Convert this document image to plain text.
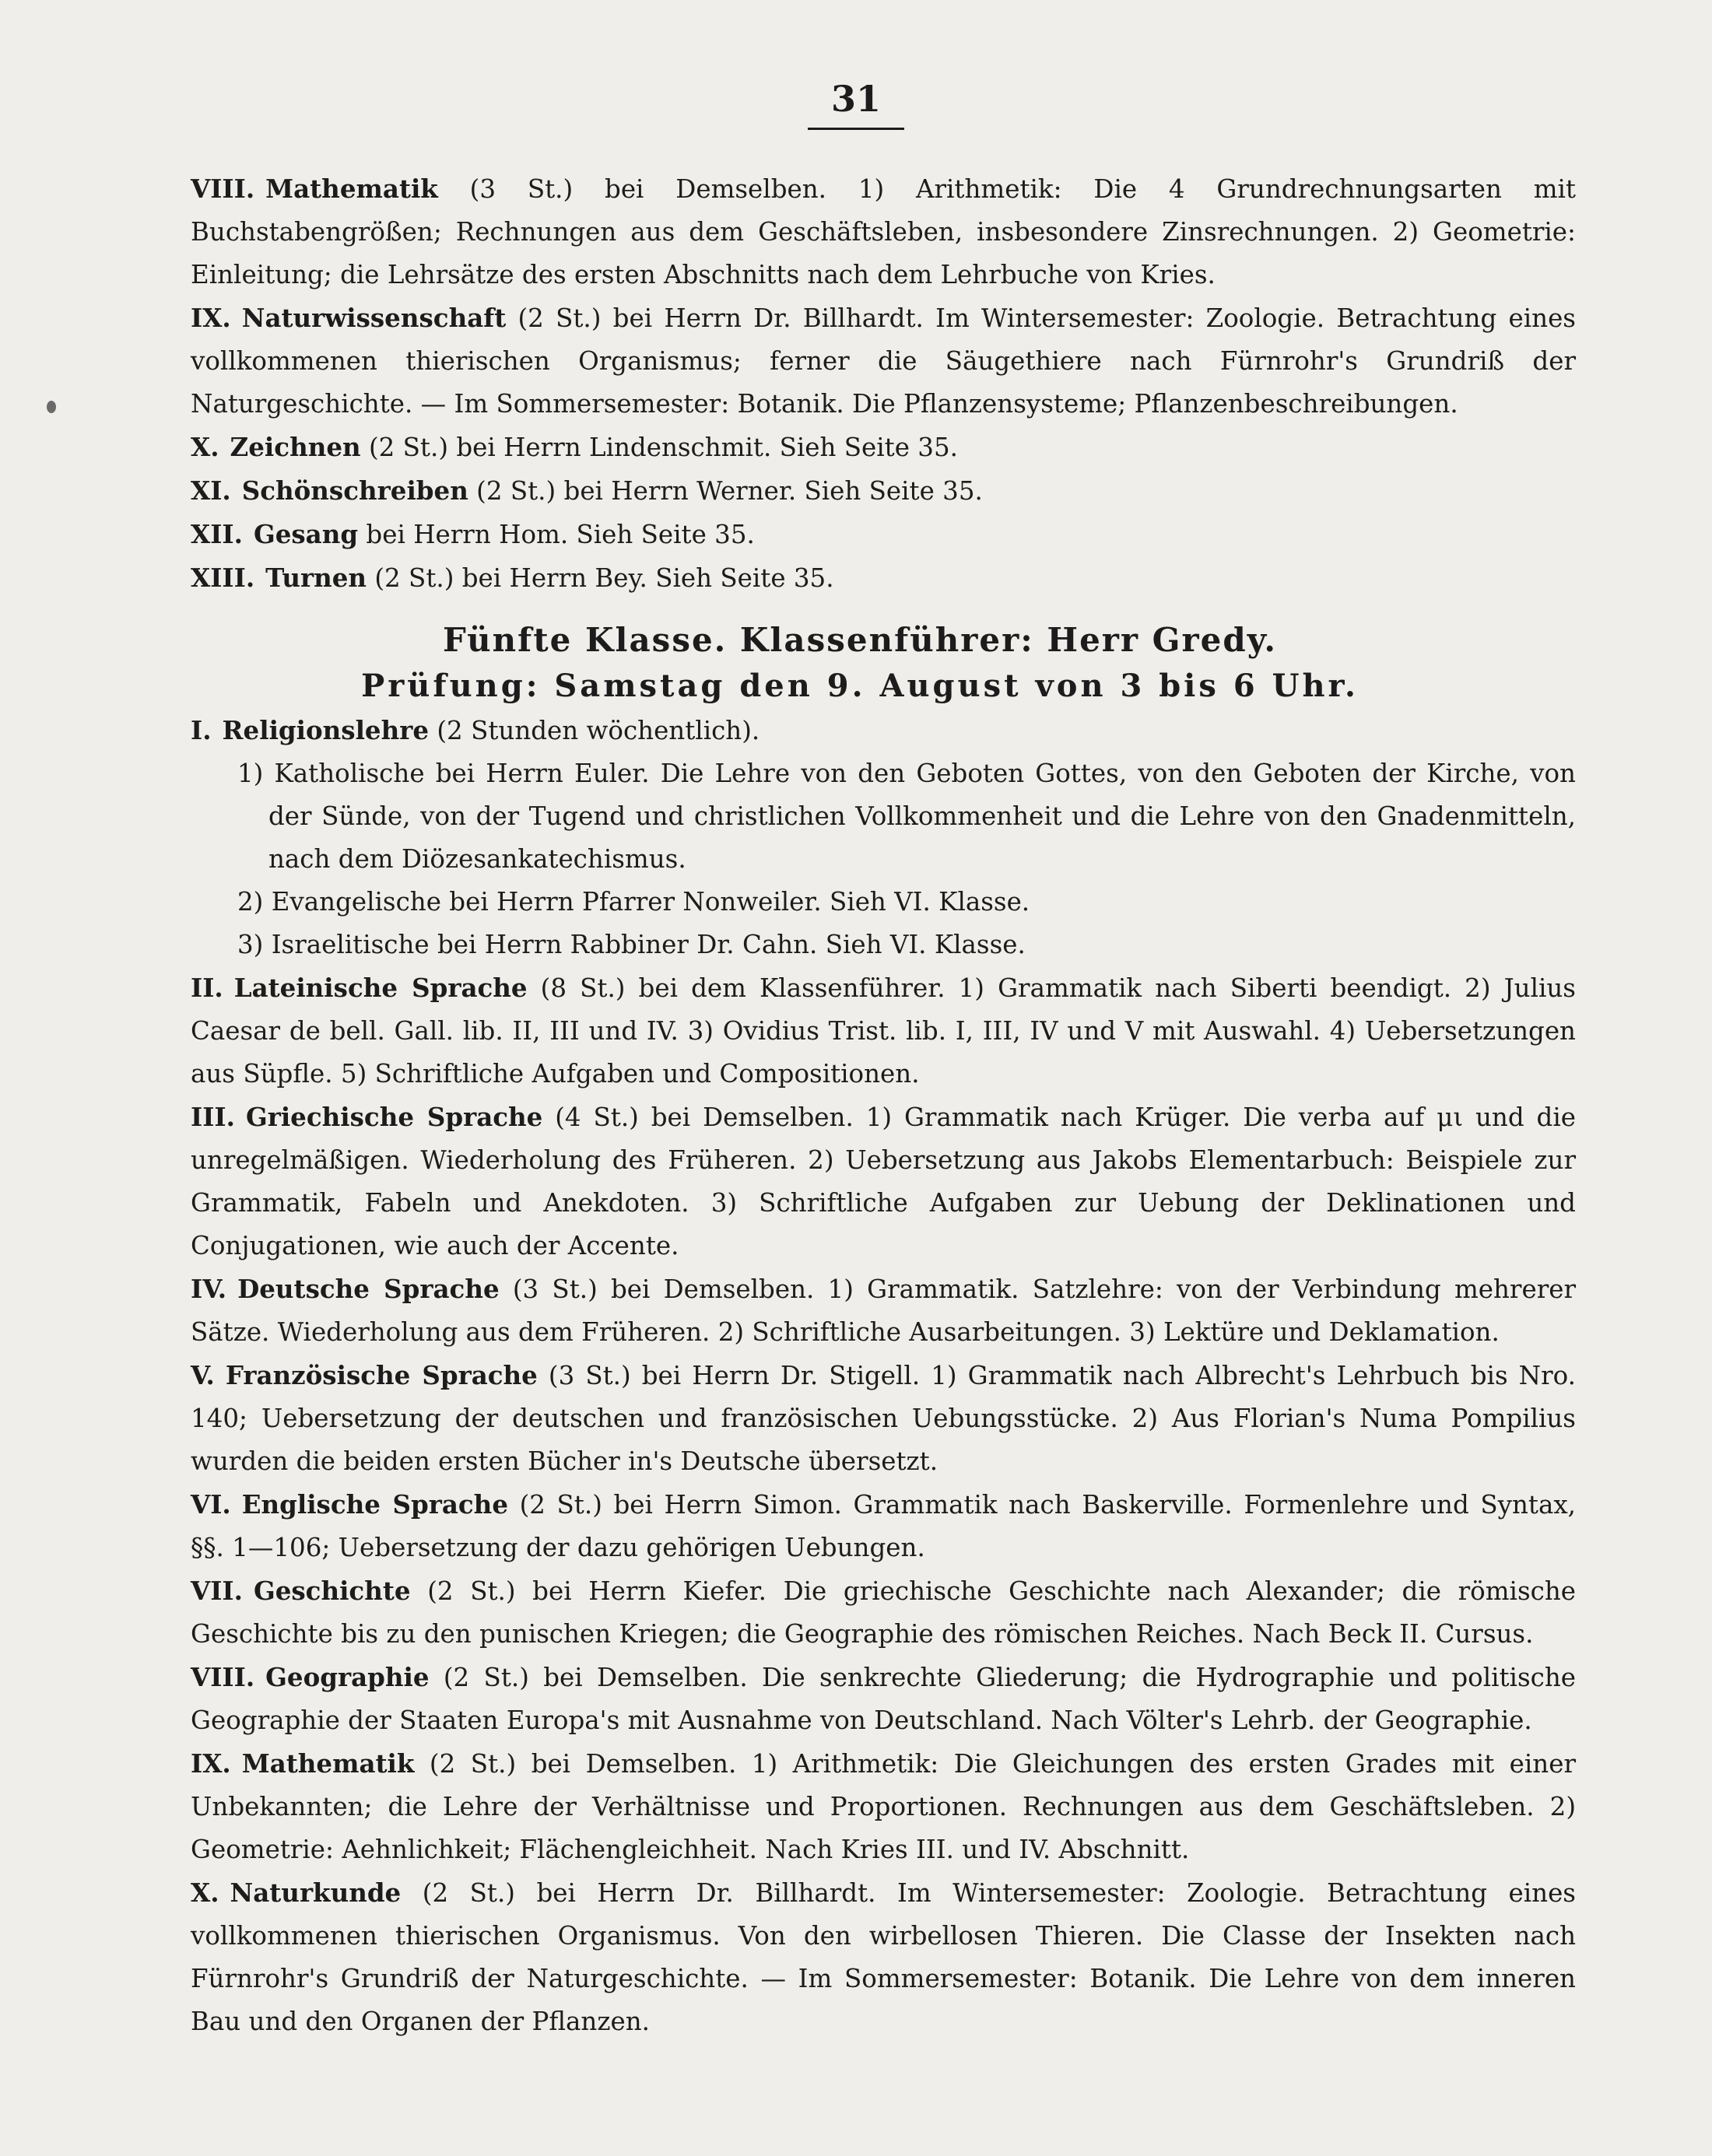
31
VIII. Mathematik (3 St.) bei Demselben. 1) Arithmetik: Die 4 Grundrechnungsarten mit Buchstabengrößen; Rechnungen aus dem Geschäftsleben, insbesondere Zinsrechnungen. 2) Geometrie: Einleitung; die Lehrsätze des ersten Abschnitts nach dem Lehrbuche von Kries.
IX. Naturwissenschaft (2 St.) bei Herrn Dr. Billhardt. Im Wintersemester: Zoologie. Betrachtung eines vollkommenen thierischen Organismus; ferner die Säugethiere nach Fürnrohr's Grundriß der Naturgeschichte. — Im Sommersemester: Botanik. Die Pflanzensysteme; Pflanzenbeschreibungen.
X. Zeichnen (2 St.) bei Herrn Lindenschmit. Sieh Seite 35.
XI. Schönschreiben (2 St.) bei Herrn Werner. Sieh Seite 35.
XII. Gesang bei Herrn Hom. Sieh Seite 35.
XIII. Turnen (2 St.) bei Herrn Bey. Sieh Seite 35.
Fünfte Klasse. Klassenführer: Herr Gredy.
Prüfung: Samstag den 9. August von 3 bis 6 Uhr.
I. Religionslehre (2 Stunden wöchentlich).
1) Katholische bei Herrn Euler. Die Lehre von den Geboten Gottes, von den Geboten der Kirche, von der Sünde, von der Tugend und christlichen Vollkommenheit und die Lehre von den Gnadenmitteln, nach dem Diözesankatechismus.
2) Evangelische bei Herrn Pfarrer Nonweiler. Sieh VI. Klasse.
3) Israelitische bei Herrn Rabbiner Dr. Cahn. Sieh VI. Klasse.
II. Lateinische Sprache (8 St.) bei dem Klassenführer. 1) Grammatik nach Siberti beendigt. 2) Julius Caesar de bell. Gall. lib. II, III und IV. 3) Ovidius Trist. lib. I, III, IV und V mit Auswahl. 4) Uebersetzungen aus Süpfle. 5) Schriftliche Aufgaben und Compositionen.
III. Griechische Sprache (4 St.) bei Demselben. 1) Grammatik nach Krüger. Die verba auf μι und die unregelmäßigen. Wiederholung des Früheren. 2) Uebersetzung aus Jakobs Elementarbuch: Beispiele zur Grammatik, Fabeln und Anekdoten. 3) Schriftliche Aufgaben zur Uebung der Deklinationen und Conjugationen, wie auch der Accente.
IV. Deutsche Sprache (3 St.) bei Demselben. 1) Grammatik. Satzlehre: von der Verbindung mehrerer Sätze. Wiederholung aus dem Früheren. 2) Schriftliche Ausarbeitungen. 3) Lektüre und Deklamation.
V. Französische Sprache (3 St.) bei Herrn Dr. Stigell. 1) Grammatik nach Albrecht's Lehrbuch bis Nro. 140; Uebersetzung der deutschen und französischen Uebungsstücke. 2) Aus Florian's Numa Pompilius wurden die beiden ersten Bücher in's Deutsche übersetzt.
VI. Englische Sprache (2 St.) bei Herrn Simon. Grammatik nach Baskerville. Formenlehre und Syntax, §§. 1—106; Uebersetzung der dazu gehörigen Uebungen.
VII. Geschichte (2 St.) bei Herrn Kiefer. Die griechische Geschichte nach Alexander; die römische Geschichte bis zu den punischen Kriegen; die Geographie des römischen Reiches. Nach Beck II. Cursus.
VIII. Geographie (2 St.) bei Demselben. Die senkrechte Gliederung; die Hydrographie und politische Geographie der Staaten Europa's mit Ausnahme von Deutschland. Nach Völter's Lehrb. der Geographie.
IX. Mathematik (2 St.) bei Demselben. 1) Arithmetik: Die Gleichungen des ersten Grades mit einer Unbekannten; die Lehre der Verhältnisse und Proportionen. Rechnungen aus dem Geschäftsleben. 2) Geometrie: Aehnlichkeit; Flächengleichheit. Nach Kries III. und IV. Abschnitt.
X. Naturkunde (2 St.) bei Herrn Dr. Billhardt. Im Wintersemester: Zoologie. Betrachtung eines vollkommenen thierischen Organismus. Von den wirbellosen Thieren. Die Classe der Insekten nach Fürnrohr's Grundriß der Naturgeschichte. — Im Sommersemester: Botanik. Die Lehre von dem inneren Bau und den Organen der Pflanzen.
